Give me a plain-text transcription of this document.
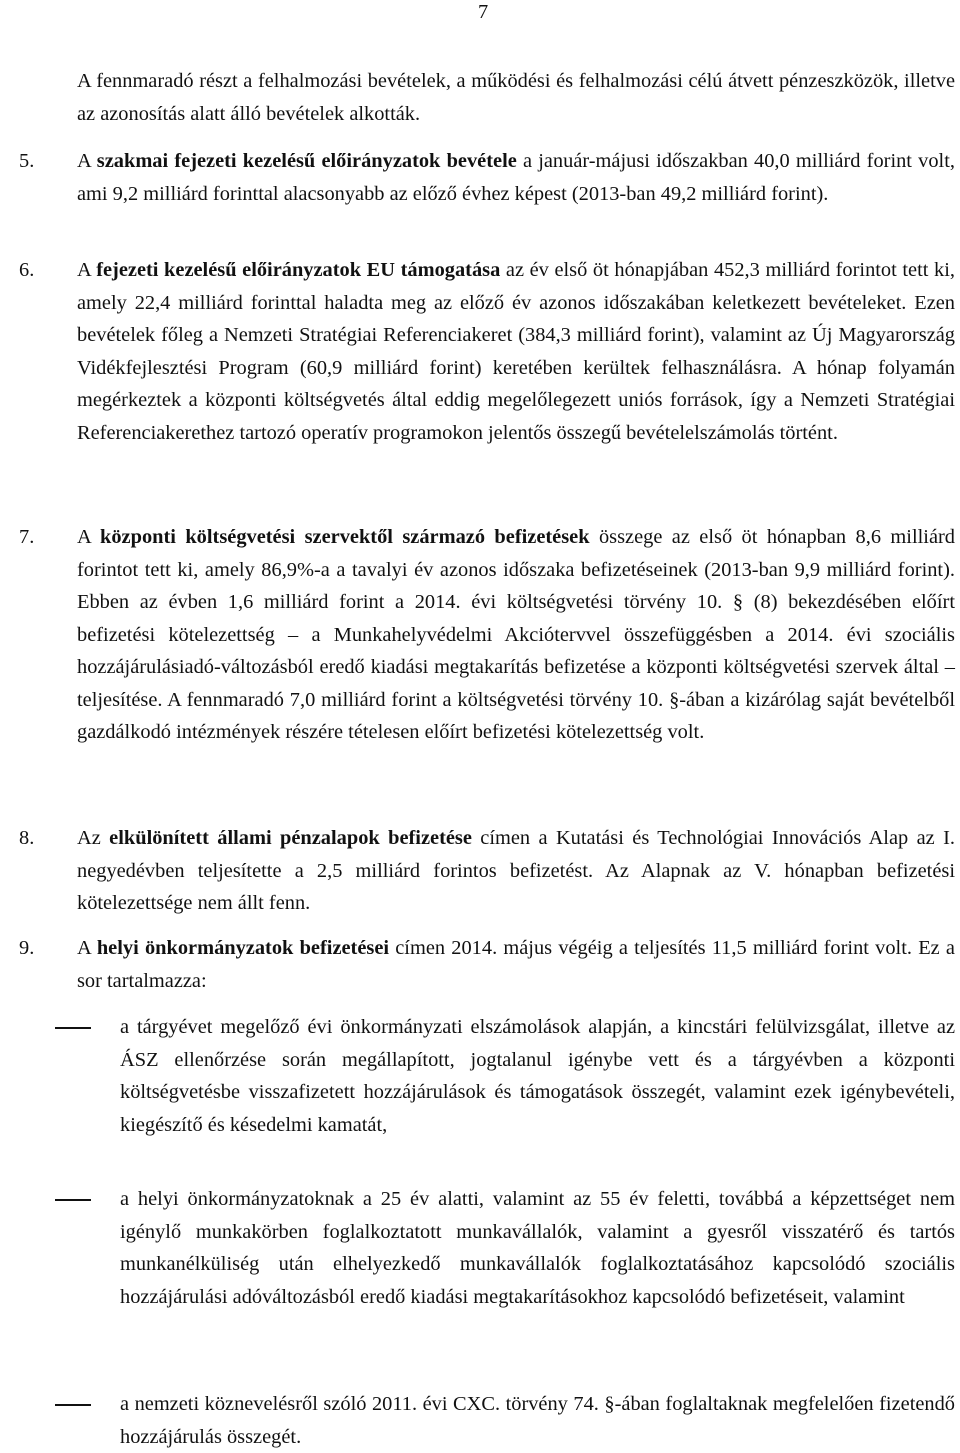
7
A fennmaradó részt a felhalmozási bevételek, a működési és felhalmozási célú átvett pénzeszközök, illetve az azonosítás alatt álló bevételek alkották.
5. A szakmai fejezeti kezelésű előirányzatok bevétele a január-májusi időszakban 40,0 milliárd forint volt, ami 9,2 milliárd forinttal alacsonyabb az előző évhez képest (2013-ban 49,2 milliárd forint).
6. A fejezeti kezelésű előirányzatok EU támogatása az év első öt hónapjában 452,3 milliárd forintot tett ki, amely 22,4 milliárd forinttal haladta meg az előző év azonos időszakában keletkezett bevételeket. Ezen bevételek főleg a Nemzeti Stratégiai Referenciakeret (384,3 milliárd forint), valamint az Új Magyarország Vidékfejlesztési Program (60,9 milliárd forint) keretében kerültek felhasználásra. A hónap folyamán megérkeztek a központi költségvetés által eddig megelőlegezett uniós források, így a Nemzeti Stratégiai Referenciakerethez tartozó operatív programokon jelentős összegű bevételelszámolás történt.
7. A központi költségvetési szervektől származó befizetések összege az első öt hónapban 8,6 milliárd forintot tett ki, amely 86,9%-a a tavalyi év azonos időszaka befizetéseinek (2013-ban 9,9 milliárd forint). Ebben az évben 1,6 milliárd forint a 2014. évi költségvetési törvény 10. § (8) bekezdésében előírt befizetési kötelezettség – a Munkahelyvédelmi Akciótervvel összefüggésben a 2014. évi szociális hozzájárulásiadó-változásból eredő kiadási megtakarítás befizetése a központi költségvetési szervek által – teljesítése. A fennmaradó 7,0 milliárd forint a költségvetési törvény 10. §-ában a kizárólag saját bevételből gazdálkodó intézmények részére tételesen előírt befizetési kötelezettség volt.
8. Az elkülönített állami pénzalapok befizetése címen a Kutatási és Technológiai Innovációs Alap az I. negyedévben teljesítette a 2,5 milliárd forintos befizetést. Az Alapnak az V. hónapban befizetési kötelezettsége nem állt fenn.
9. A helyi önkormányzatok befizetései címen 2014. május végéig a teljesítés 11,5 milliárd forint volt. Ez a sor tartalmazza:
a tárgyévet megelőző évi önkormányzati elszámolások alapján, a kincstári felülvizsgálat, illetve az ÁSZ ellenőrzése során megállapított, jogtalanul igénybe vett és a tárgyévben a központi költségvetésbe visszafizetett hozzájárulások és támogatások összegét, valamint ezek igénybevételi, kiegészítő és késedelmi kamatát,
a helyi önkormányzatoknak a 25 év alatti, valamint az 55 év feletti, továbbá a képzettséget nem igénylő munkakörben foglalkoztatott munkavállalók, valamint a gyesről visszatérő és tartós munkanélküliség után elhelyezkedő munkavállalók foglalkoztatásához kapcsolódó szociális hozzájárulási adóváltozásból eredő kiadási megtakarításokhoz kapcsolódó befizetéseit, valamint
a nemzeti köznevelésről szóló 2011. évi CXC. törvény 74. §-ában foglaltaknak megfelelően fizetendő hozzájárulás összegét.
